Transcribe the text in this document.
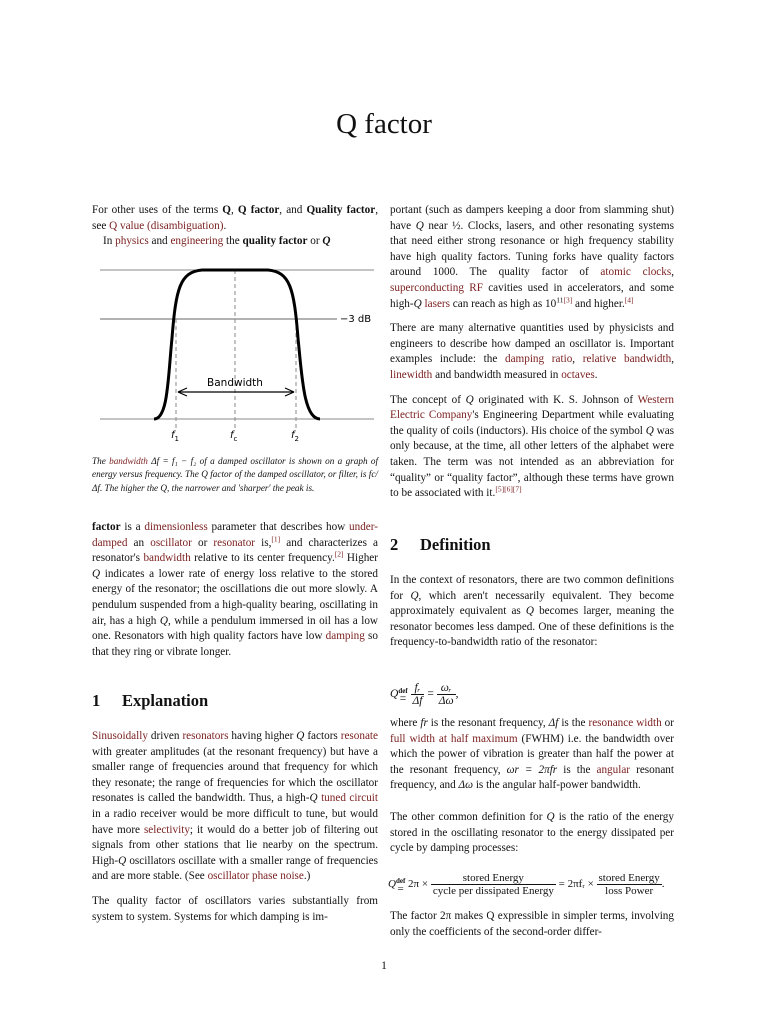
Q factor
For other uses of the terms Q, Q factor, and Quality factor, see Q value (disambiguation).
In physics and engineering the quality factor or Q
−3 dB
Bandwidth
$f_1$	$f_c$	$f_2$
The bandwidth Δf = f₁ − f₂ of a damped oscillator is shown on a graph of energy versus frequency. The Q factor of the damped oscillator, or filter, is fc/Δf. The higher the Q, the narrower and 'sharper' the peak is.
factor is a dimensionless parameter that describes how under-damped an oscillator or resonator is,[1] and characterizes a resonator's bandwidth relative to its center frequency.[2] Higher Q indicates a lower rate of energy loss relative to the stored energy of the resonator; the oscillations die out more slowly. A pendulum suspended from a high-quality bearing, oscillating in air, has a high Q, while a pendulum immersed in oil has a low one. Resonators with high quality factors have low damping so that they ring or vibrate longer.
1 Explanation
Sinusoidally driven resonators having higher Q factors resonate with greater amplitudes (at the resonant frequency) but have a smaller range of frequencies around that frequency for which they resonate; the range of frequencies for which the oscillator resonates is called the bandwidth. Thus, a high-Q tuned circuit in a radio receiver would be more difficult to tune, but would have more selectivity; it would do a better job of filtering out signals from other stations that lie nearby on the spectrum. High-Q oscillators oscillate with a smaller range of frequencies and are more stable. (See oscillator phase noise.)
The quality factor of oscillators varies substantially from system to system. Systems for which damping is im-
portant (such as dampers keeping a door from slamming shut) have Q near ½. Clocks, lasers, and other resonating systems that need either strong resonance or high frequency stability have high quality factors. Tuning forks have quality factors around 1000. The quality factor of atomic clocks, superconducting RF cavities used in accelerators, and some high-Q lasers can reach as high as $10^{11[3]}$ and higher.[4]
There are many alternative quantities used by physicists and engineers to describe how damped an oscillator is. Important examples include: the damping ratio, relative bandwidth, linewidth and bandwidth measured in octaves.
The concept of Q originated with K. S. Johnson of Western Electric Company's Engineering Department while evaluating the quality of coils (inductors). His choice of the symbol Q was only because, at the time, all other letters of the alphabet were taken. The term was not intended as an abbreviation for “quality” or “quality factor”, although these terms have grown to be associated with it.[5][6][7]
2 Definition
In the context of resonators, there are two common definitions for Q, which aren't necessarily equivalent. They become approximately equivalent as Q becomes larger, meaning the resonator becomes less damped. One of these definitions is the frequency-to-bandwidth ratio of the resonator:
Q def
= $\frac{\text{fᵣ}}{\Delta f} = \frac{\text{ωᵣ}}{\Delta\omega}$ ,
where fr is the resonant frequency, Δf is the resonance width or full width at half maximum (FWHM) i.e. the bandwidth over which the power of vibration is greater than half the power at the resonant frequency, ωr = 2πfr is the angular resonant frequency, and Δω is the angular half-power bandwidth.
The other common definition for Q is the ratio of the energy stored in the oscillating resonator to the energy dissipated per cycle by damping processes:
Q def
= $2\pi \times \frac{\text{stored Energy}}{\text{cycle per dissipated Energy}}$ = 2πfᵣ × $\frac{\text{stored Energy}}{\text{loss Power}}$ .
The factor 2π makes Q expressible in simpler terms, involving only the coefficients of the second-order differ-
1
